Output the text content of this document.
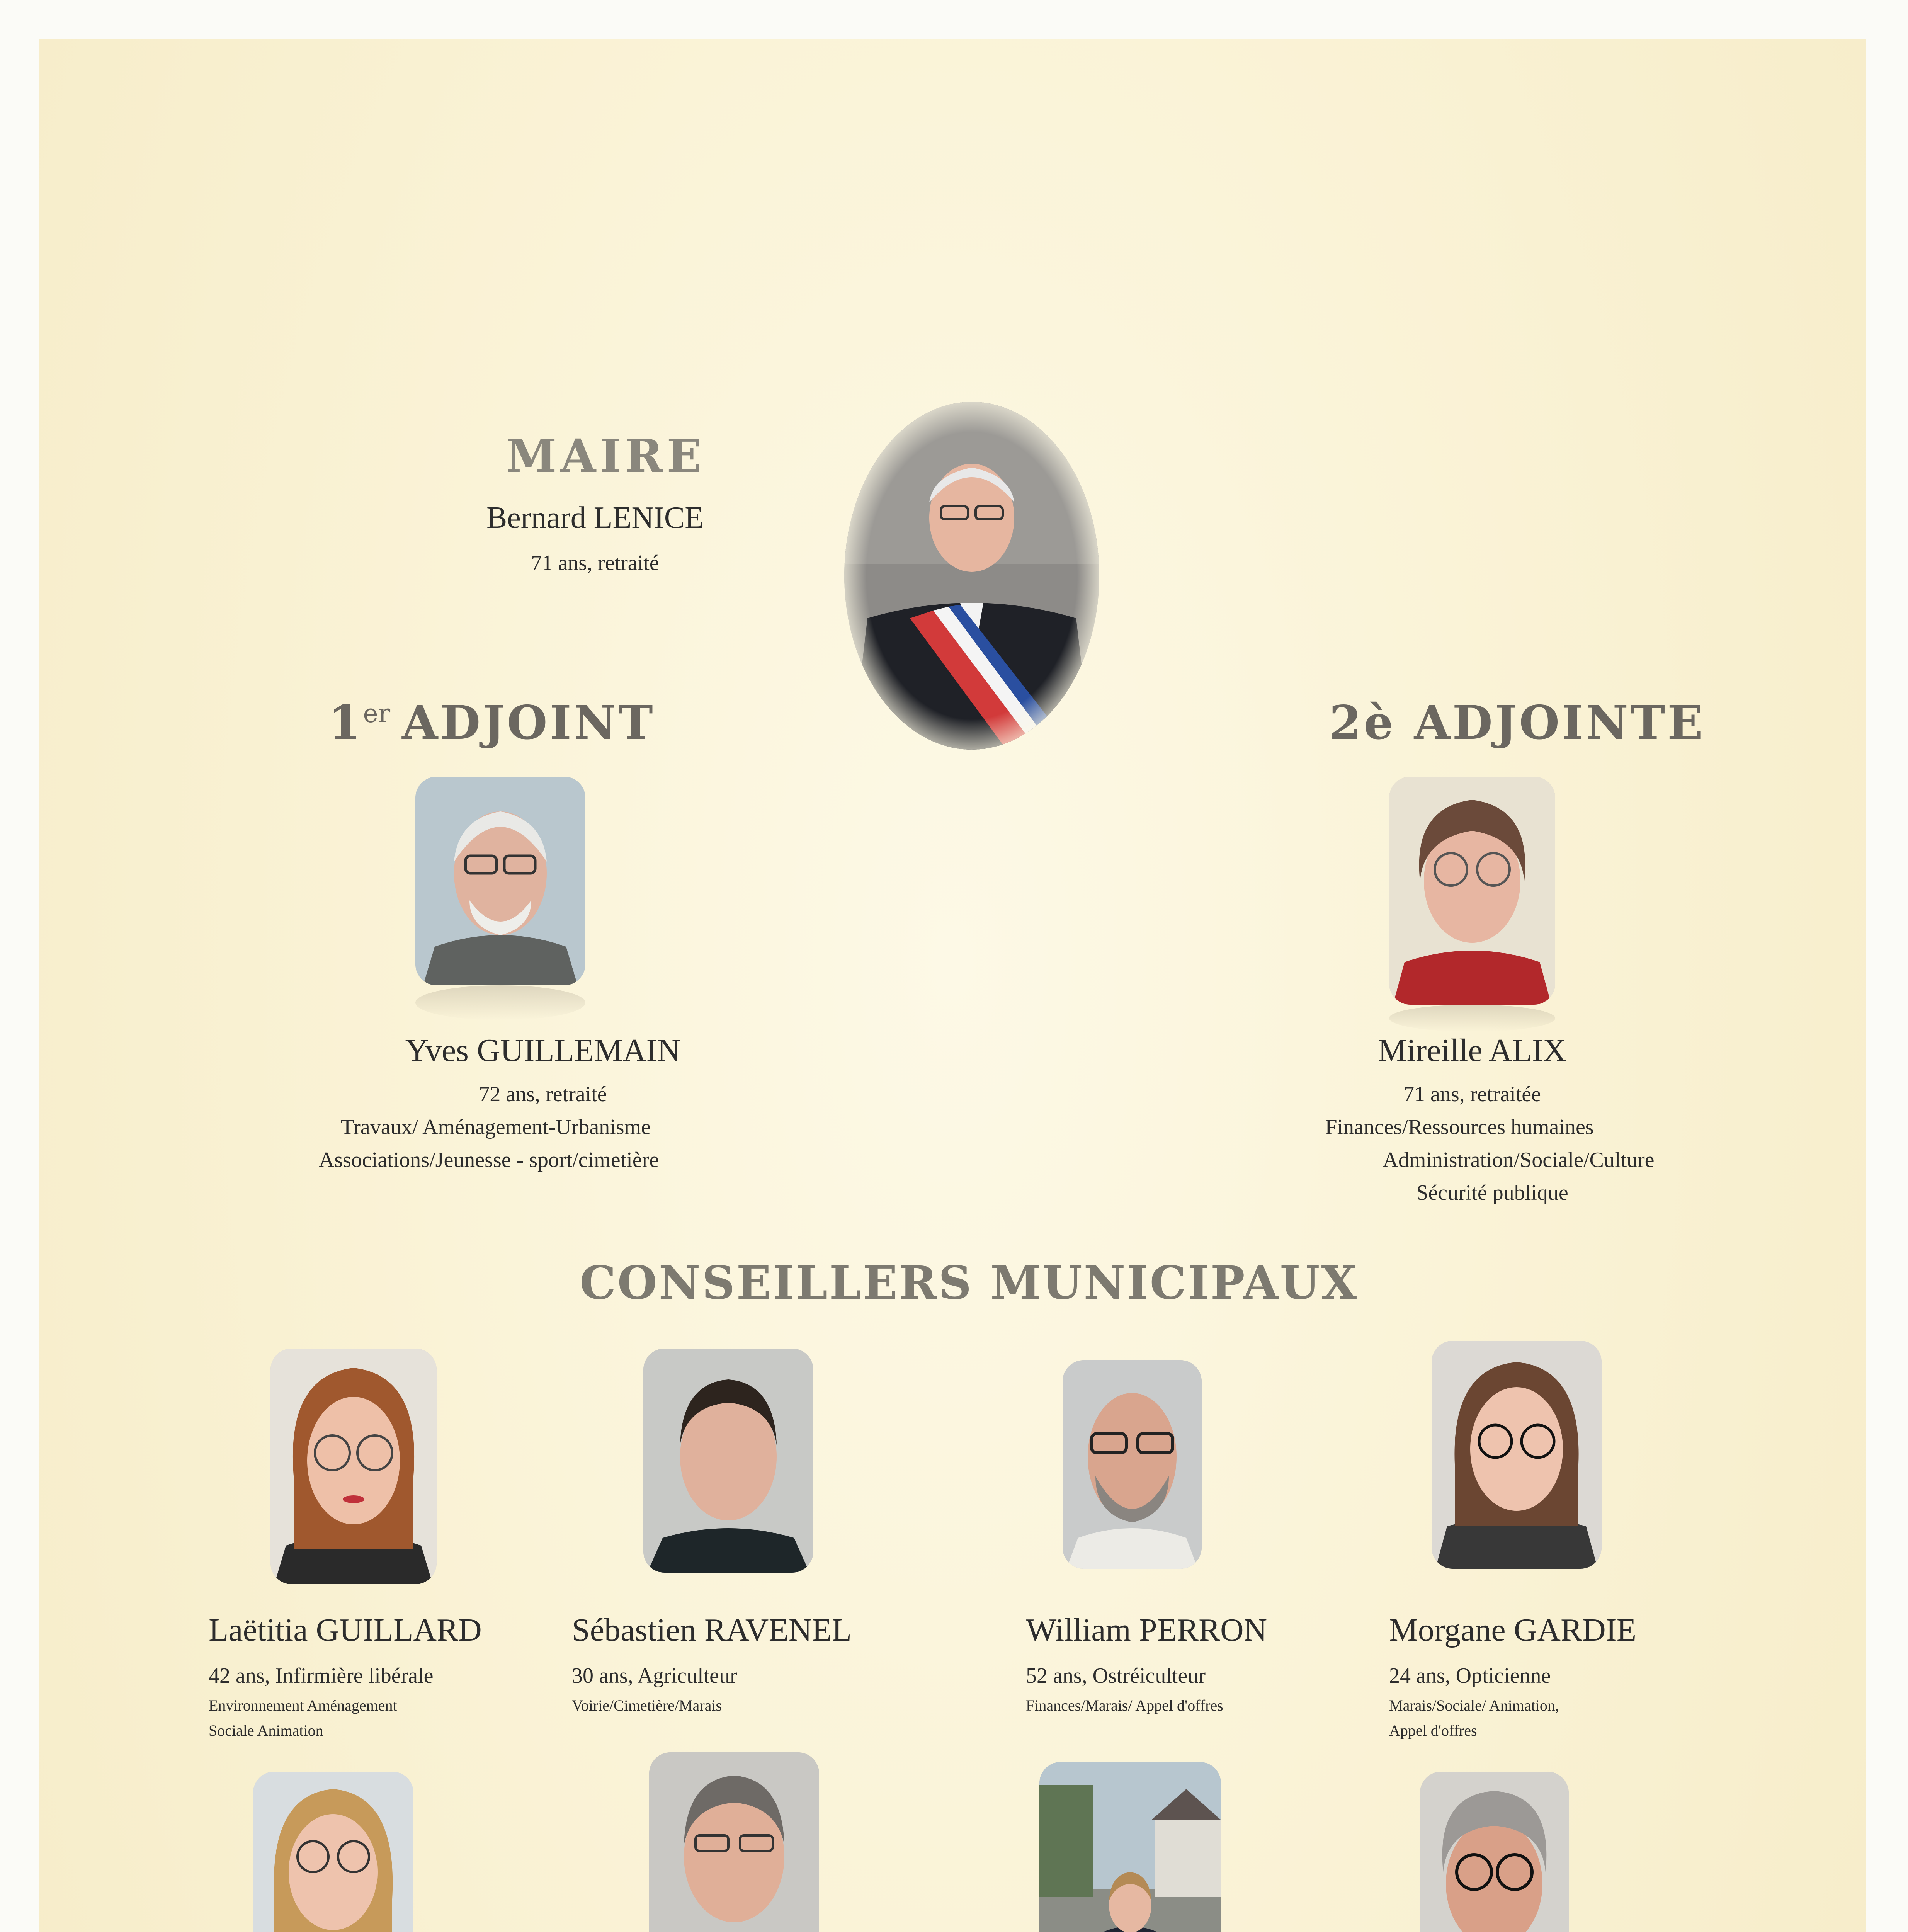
MAIRE
Bernard LENICE
71 ans, retraité
1er ADJOINT
Yves GUILLEMAIN
72 ans, retraité
Travaux/ Aménagement-Urbanisme
Associations/Jeunesse - sport/cimetière
2è ADJOINTE
Mireille ALIX
71 ans, retraitée
Finances/Ressources humaines
Administration/Sociale/Culture
Sécurité publique
CONSEILLERS MUNICIPAUX
Laëtitia GUILLARD
42 ans, Infirmière libérale
Environnement Aménagement
Sociale Animation
Sébastien RAVENEL
30 ans, Agriculteur
Voirie/Cimetière/Marais
William PERRON
52 ans, Ostréiculteur
Finances/Marais/ Appel d'offres
Morgane GARDIE
24 ans, Opticienne
Marais/Sociale/ Animation,
Appel d'offres
